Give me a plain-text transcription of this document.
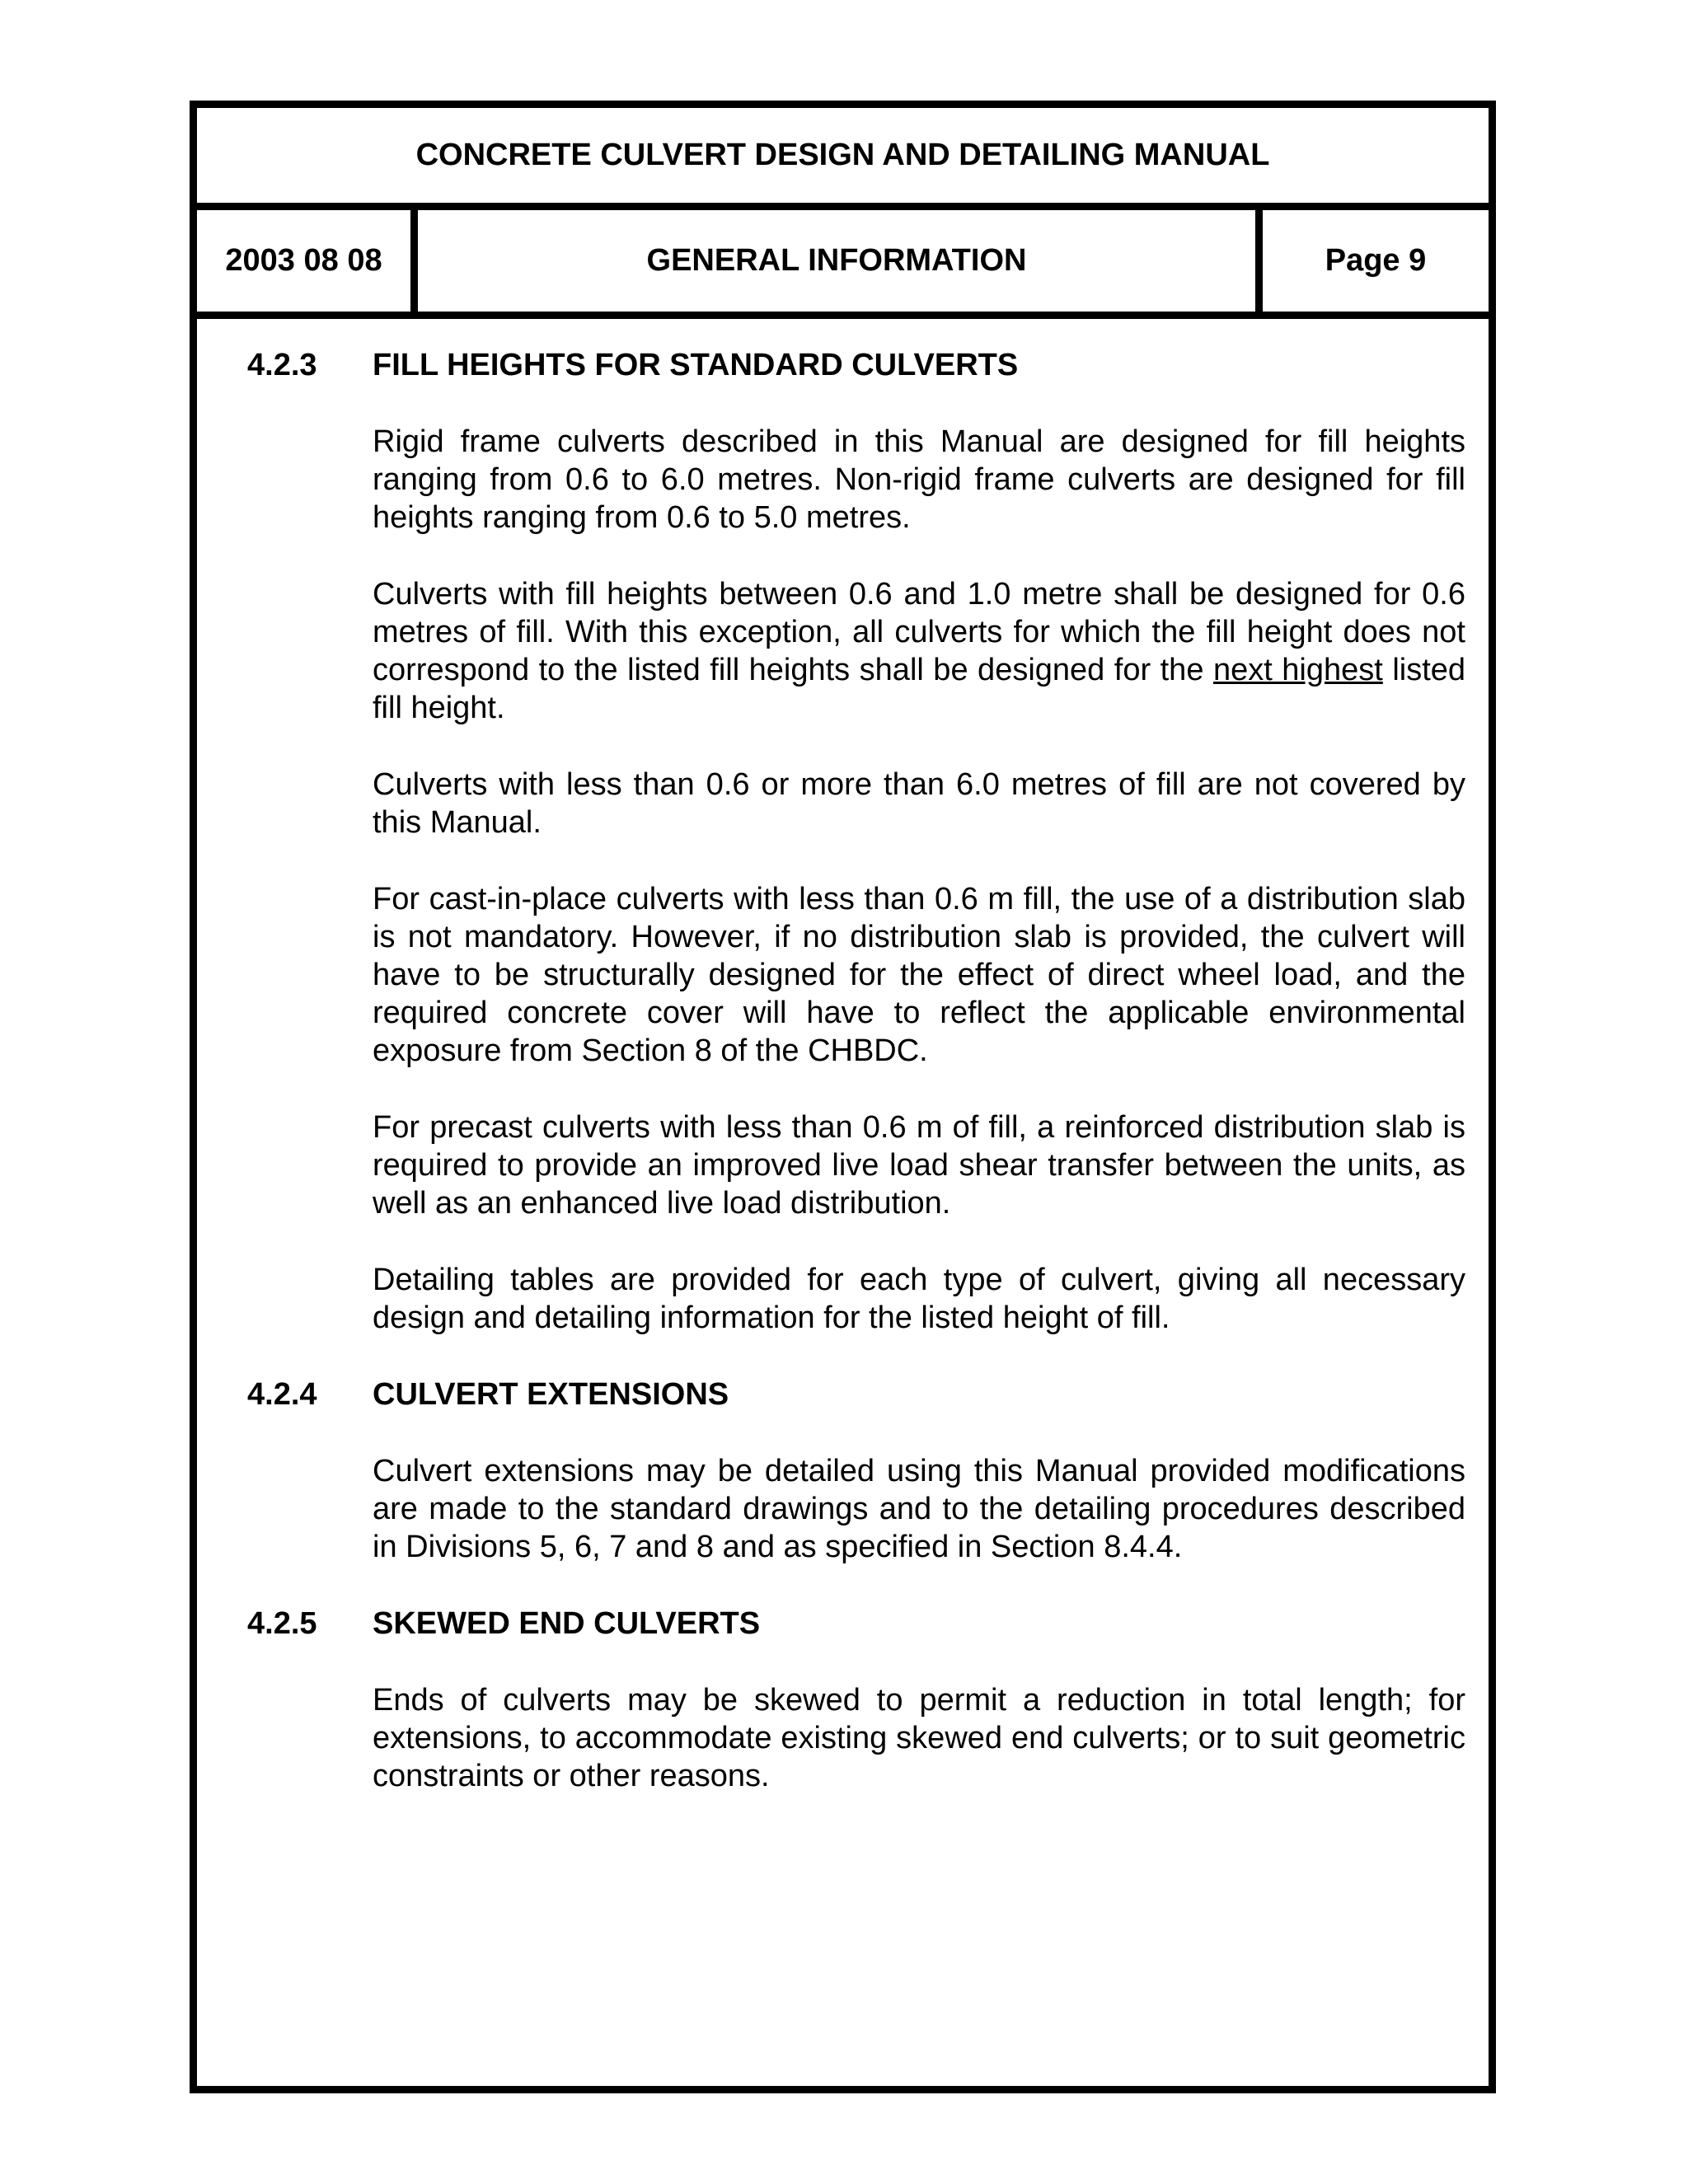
CONCRETE CULVERT DESIGN AND DETAILING MANUAL
2003 08 08	GENERAL INFORMATION	Page 9
4.2.3	FILL HEIGHTS FOR STANDARD CULVERTS

Rigid frame culverts described in this Manual are designed for fill heights ranging from 0.6 to 6.0 metres. Non-rigid frame culverts are designed for fill heights ranging from 0.6 to 5.0 metres.

Culverts with fill heights between 0.6 and 1.0 metre shall be designed for 0.6 metres of fill. With this exception, all culverts for which the fill height does not correspond to the listed fill heights shall be designed for the next highest listed fill height.

Culverts with less than 0.6 or more than 6.0 metres of fill are not covered by this Manual.

For cast-in-place culverts with less than 0.6 m fill, the use of a distribution slab is not mandatory. However, if no distribution slab is provided, the culvert will have to be structurally designed for the effect of direct wheel load, and the required concrete cover will have to reflect the applicable environmental exposure from Section 8 of the CHBDC.

For precast culverts with less than 0.6 m of fill, a reinforced distribution slab is required to provide an improved live load shear transfer between the units, as well as an enhanced live load distribution.

Detailing tables are provided for each type of culvert, giving all necessary design and detailing information for the listed height of fill.

4.2.4	CULVERT EXTENSIONS

Culvert extensions may be detailed using this Manual provided modifications are made to the standard drawings and to the detailing procedures described in Divisions 5, 6, 7 and 8 and as specified in Section 8.4.4.

4.2.5	SKEWED END CULVERTS

Ends of culverts may be skewed to permit a reduction in total length; for extensions, to accommodate existing skewed end culverts; or to suit geometric constraints or other reasons.
